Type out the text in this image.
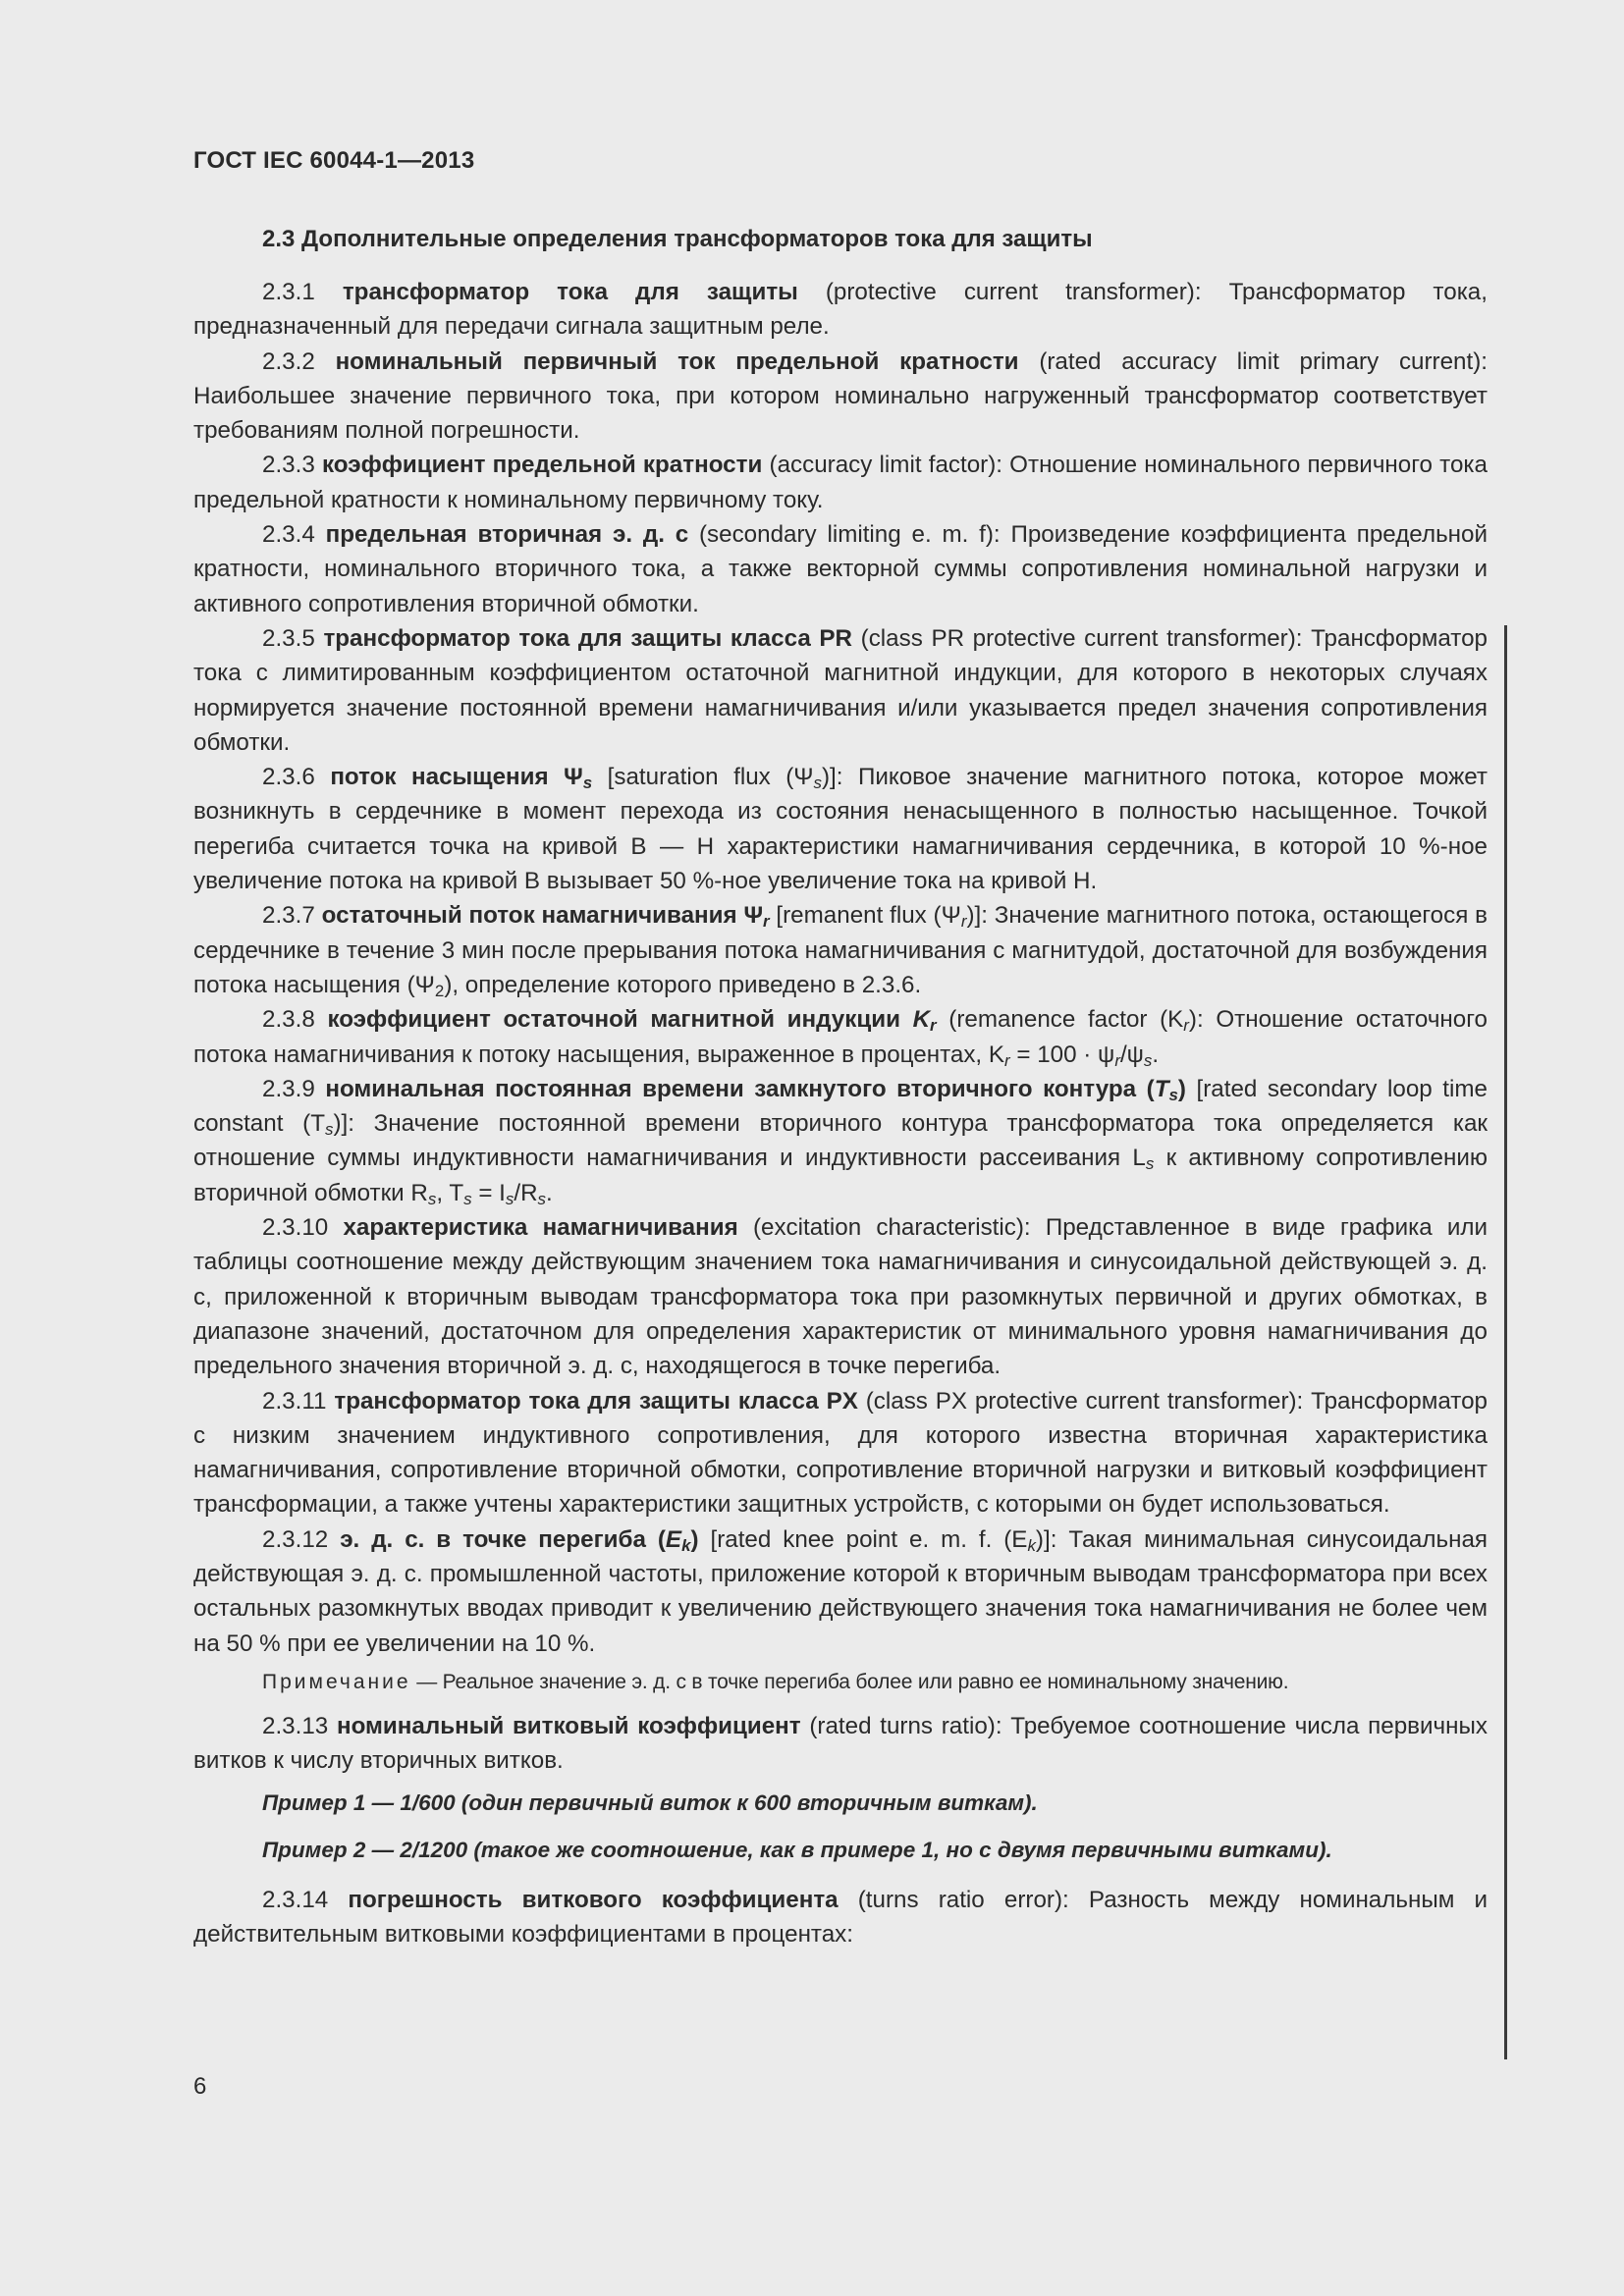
ГОСТ IEC 60044-1—2013
2.3 Дополнительные определения трансформаторов тока для защиты

2.3.1 трансформатор тока для защиты (protective current transformer): Трансформатор тока, предназначенный для передачи сигнала защитным реле.

2.3.2 номинальный первичный ток предельной кратности (rated accuracy limit primary current): Наибольшее значение первичного тока, при котором номинально нагруженный трансформатор соответствует требованиям полной погрешности.

2.3.3 коэффициент предельной кратности (accuracy limit factor): Отношение номинального первичного тока предельной кратности к номинальному первичному току.

2.3.4 предельная вторичная э. д. с (secondary limiting e. m. f): Произведение коэффициента предельной кратности, номинального вторичного тока, а также векторной суммы сопротивления номинальной нагрузки и активного сопротивления вторичной обмотки.

2.3.5 трансформатор тока для защиты класса PR (class PR protective current transformer): Трансформатор тока с лимитированным коэффициентом остаточной магнитной индукции, для которого в некоторых случаях нормируется значение постоянной времени намагничивания и/или указывается предел значения сопротивления обмотки.

2.3.6 поток насыщения $\Psi_s$ [saturation flux $(\Psi_s)$]: Пиковое значение магнитного потока, которое может возникнуть в сердечнике в момент перехода из состояния ненасыщенного в полностью насыщенное. Точкой перегиба считается точка на кривой В — Н характеристики намагничивания сердечника, в которой 10 %-ное увеличение потока на кривой В вызывает 50 %-ное увеличение тока на кривой Н.

2.3.7 остаточный поток намагничивания $\Psi_r$ [remanent flux $(\Psi_r)$]: Значение магнитного потока, остающегося в сердечнике в течение 3 мин после прерывания потока намагничивания с магнитудой, достаточной для возбуждения потока насыщения $(\Psi_2)$, определение которого приведено в 2.3.6.

2.3.8 коэффициент остаточной магнитной индукции $K_r$ (remanence factor $(K_r)$: Отношение остаточного потока намагничивания к потоку насыщения, выраженное в процентах, $K_r = 100 \cdot \psi_r/\psi_s$.

2.3.9 номинальная постоянная времени замкнутого вторичного контура $(T_s)$ [rated secondary loop time constant $(T_s)$]: Значение постоянной времени вторичного контура трансформатора тока определяется как отношение суммы индуктивности намагничивания и индуктивности рассеивания $L_s$ к активному сопротивлению вторичной обмотки $R_s$, $T_s = I_s/R_s$.

2.3.10 характеристика намагничивания (excitation characteristic): Представленное в виде графика или таблицы соотношение между действующим значением тока намагничивания и синусоидальной действующей э. д. с, приложенной к вторичным выводам трансформатора тока при разомкнутых первичной и других обмотках, в диапазоне значений, достаточном для определения характеристик от минимального уровня намагничивания до предельного значения вторичной э. д. с, находящегося в точке перегиба.

2.3.11 трансформатор тока для защиты класса PX (class PX protective current transformer): Трансформатор с низким значением индуктивного сопротивления, для которого известна вторичная характеристика намагничивания, сопротивление вторичной обмотки, сопротивление вторичной нагрузки и витковый коэффициент трансформации, а также учтены характеристики защитных устройств, с которыми он будет использоваться.

2.3.12 э. д. с. в точке перегиба $(E_k)$ [rated knee point e. m. f. $(E_k)$]: Такая минимальная синусоидальная действующая э. д. с. промышленной частоты, приложение которой к вторичным выводам трансформатора при всех остальных разомкнутых вводах приводит к увеличению действующего значения тока намагничивания не более чем на 50 % при ее увеличении на 10 %.

Примечание — Реальное значение э. д. с в точке перегиба более или равно ее номинальному значению.

2.3.13 номинальный витковый коэффициент (rated turns ratio): Требуемое соотношение числа первичных витков к числу вторичных витков.

Пример 1 — 1/600 (один первичный виток к 600 вторичным виткам).

Пример 2 — 2/1200 (такое же соотношение, как в примере 1, но с двумя первичными витками).

2.3.14 погрешность виткового коэффициента (turns ratio error): Разность между номинальным и действительным витковыми коэффициентами в процентах:

6
